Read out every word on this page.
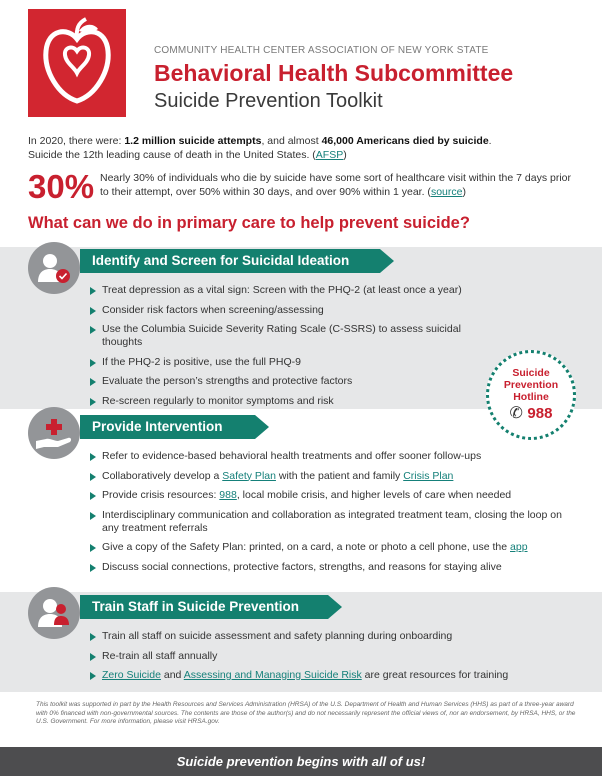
COMMUNITY HEALTH CENTER ASSOCIATION OF NEW YORK STATE
Behavioral Health Subcommittee
Suicide Prevention Toolkit
In 2020, there were: 1.2 million suicide attempts, and almost 46,000 Americans died by suicide.
Suicide the 12th leading cause of death in the United States. (AFSP)
30% Nearly 30% of individuals who die by suicide have some sort of healthcare visit within the 7 days prior to their attempt, over 50% within 30 days, and over 90% within 1 year. (source)
What can we do in primary care to help prevent suicide?
Identify and Screen for Suicidal Ideation
Treat depression as a vital sign: Screen with the PHQ-2 (at least once a year)
Consider risk factors when screening/assessing
Use the Columbia Suicide Severity Rating Scale (C-SSRS) to assess suicidal thoughts
If the PHQ-2 is positive, use the full PHQ-9
Evaluate the person’s strengths and protective factors
Re-screen regularly to monitor symptoms and risk
Provide Intervention
Refer to evidence-based behavioral health treatments and offer sooner follow-ups
Collaboratively develop a Safety Plan with the patient and family Crisis Plan
Provide crisis resources: 988, local mobile crisis, and higher levels of care when needed
Interdisciplinary communication and collaboration as integrated treatment team, closing the loop on any treatment referrals
Give a copy of the Safety Plan: printed, on a card, a note or photo a cell phone, use the app
Discuss social connections, protective factors, strengths, and reasons for staying alive
Train Staff in Suicide Prevention
Train all staff on suicide assessment and safety planning during onboarding
Re-train all staff annually
Zero Suicide and Assessing and Managing Suicide Risk are great resources for training
Suicide
Prevention
Hotline
✆ 988
This toolkit was supported in part by the Health Resources and Services Administration (HRSA) of the U.S. Department of Health and Human Services (HHS) as part of a three-year award with 0% financed with non-governmental sources. The contents are those of the author(s) and do not necessarily represent the official views of, nor an endorsement, by HRSA, HHS, or the U.S. Government. For more information, please visit HRSA.gov.
Suicide prevention begins with all of us!
